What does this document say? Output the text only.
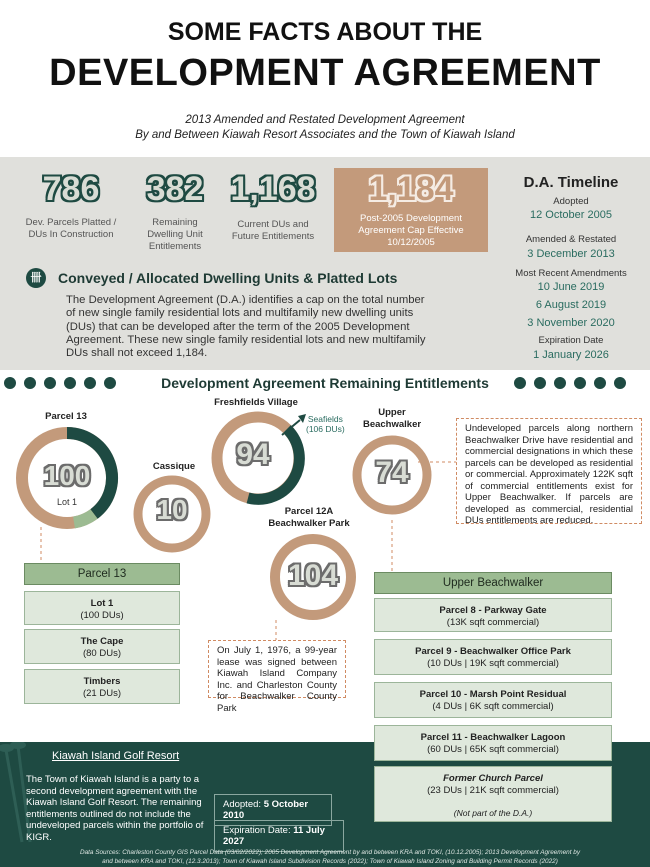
SOME FACTS ABOUT THE
DEVELOPMENT AGREEMENT
2013 Amended and Restated Development Agreement
By and Between Kiawah Resort Associates and the Town of Kiawah Island
786
Dev. Parcels Platted /
DUs In Construction
382
Remaining
Dwelling Unit
Entitlements
1,168
Current DUs and
Future Entitlements
1,184
Post-2005 Development
Agreement Cap Effective
10/12/2005
D.A. Timeline
Adopted
12 October 2005
Amended & Restated
3 December 2013
Most Recent Amendments
10 June 2019
6 August 2019
3 November 2020
Expiration Date
1 January 2026
卌	Conveyed / Allocated Dwelling Units & Platted Lots
The Development Agreement (D.A.) identifies a cap on the total number of new single family residential lots and multifamily new dwelling units (DUs) that can be developed after the term of the 2005 Development Agreement. These new single family residential lots and new multifamily DUs shall not exceed 1,184.
Development Agreement Remaining Entitlements
Parcel 13
100
Lot 1
Cassique
10
Freshfields Village
94
Seafields
(106 DUs)
Upper
Beachwalker
74
Undeveloped parcels along northern Beachwalker Drive have residential and commercial designations in which these parcels can be developed as residential or commercial. Approximately 122K sqft of commercial entitlements exist for Upper Beachwalker. If parcels are developed as commercial, residential DUs entitlements are reduced.
Parcel 12A
Beachwalker Park
104
On July 1, 1976, a 99-year lease was signed between Kiawah Island Company Inc. and Charleston County for Beachwalker County Park
Parcel 13
Lot 1
(100 DUs)
The Cape
(80 DUs)
Timbers
(21 DUs)
Upper Beachwalker
Parcel 8 - Parkway Gate
(13K sqft commercial)
Parcel 9 - Beachwalker Office Park
(10 DUs | 19K sqft commercial)
Parcel 10 - Marsh Point Residual
(4 DUs | 6K sqft commercial)
Parcel 11 - Beachwalker Lagoon
(60 DUs | 65K sqft commercial)
Former Church Parcel
(23 DUs | 21K sqft commercial)
(Not part of the D.A.)
Kiawah Island Golf Resort
The Town of Kiawah Island is a party to a second development agreement with the Kiawah Island Golf Resort. The remaining entitlements outlined do not include the undeveloped parcels within the portfolio of KIGR.
Adopted: 5 October 2010
Expiration Date: 11 July 2027
Data Sources: Charleston County GIS Parcel Data (03/02/2022); 2005 Development Agreement by and between KRA and TOKI, (10.12.2005); 2013 Development Agreement by
and between KRA and TOKI, (12.3.2013); Town of Kiawah Island Subdivision Records (2022); Town of Kiawah Island Zoning and Building Permit Records (2022)
